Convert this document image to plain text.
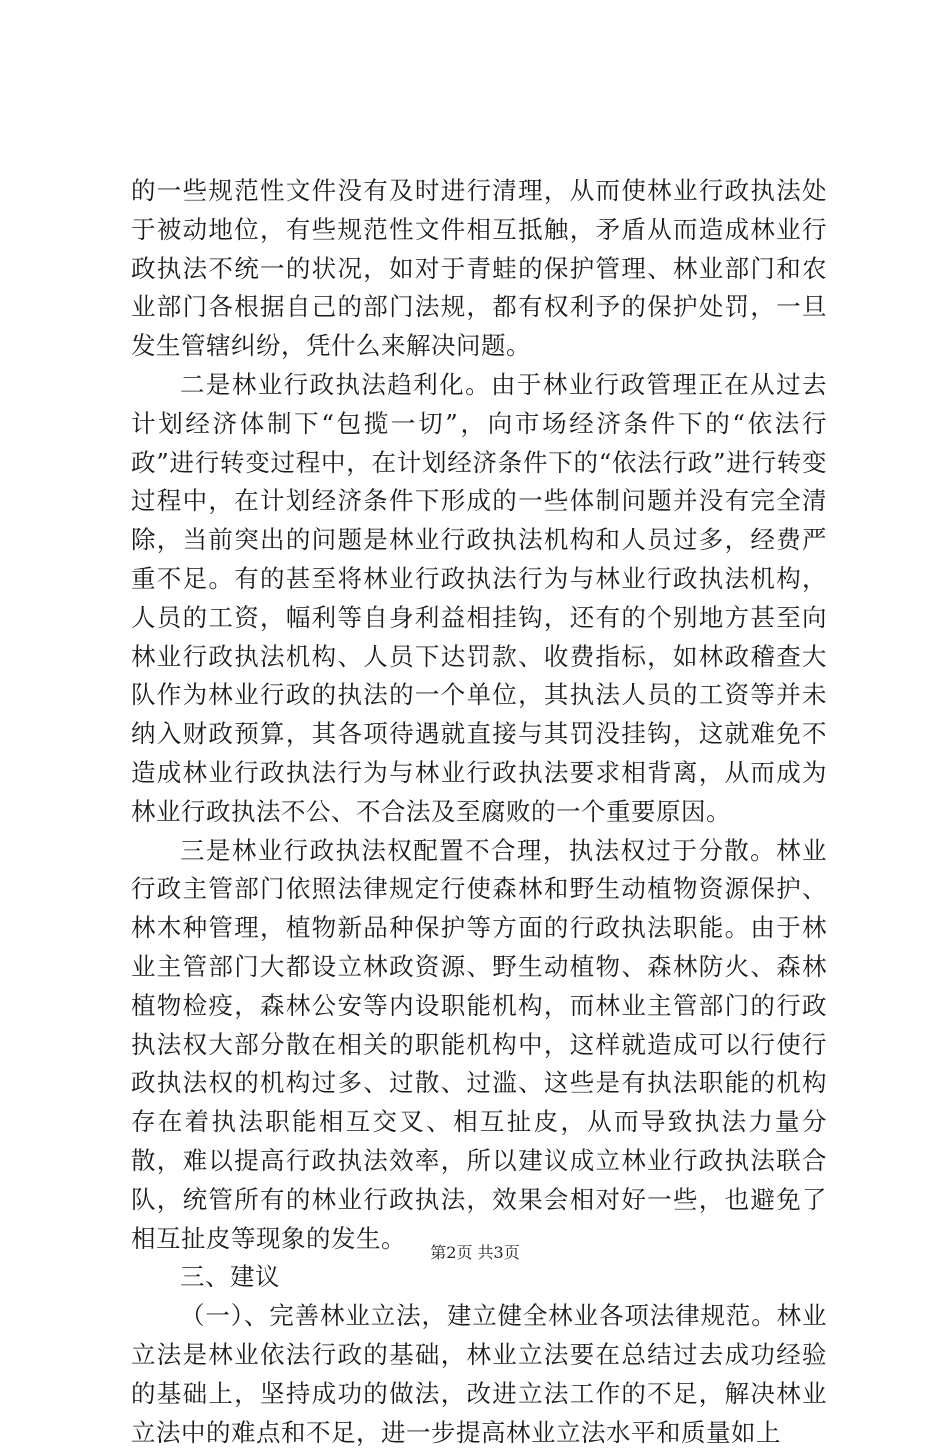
的一些规范性文件没有及时进行清理，从而使林业行政执法处于被动地位，有些规范性文件相互抵触，矛盾从而造成林业行政执法不统一的状况，如对于青蛙的保护管理、林业部门和农业部门各根据自己的部门法规，都有权利予的保护处罚，一旦发生管辖纠纷，凭什么来解决问题。

二是林业行政执法趋利化。由于林业行政管理正在从过去计划经济体制下“包揽一切”，向市场经济条件下的“依法行政”进行转变过程中，在计划经济条件下的“依法行政”进行转变过程中，在计划经济条件下形成的一些体制问题并没有完全清除，当前突出的问题是林业行政执法机构和人员过多，经费严重不足。有的甚至将林业行政执法行为与林业行政执法机构，人员的工资，幅利等自身利益相挂钩，还有的个别地方甚至向林业行政执法机构、人员下达罚款、收费指标，如林政稽查大队作为林业行政的执法的一个单位，其执法人员的工资等并未纳入财政预算，其各项待遇就直接与其罚没挂钩，这就难免不造成林业行政执法行为与林业行政执法要求相背离，从而成为林业行政执法不公、不合法及至腐败的一个重要原因。

三是林业行政执法权配置不合理，执法权过于分散。林业行政主管部门依照法律规定行使森林和野生动植物资源保护、林木种管理，植物新品种保护等方面的行政执法职能。由于林业主管部门大都设立林政资源、野生动植物、森林防火、森林植物检疫，森林公安等内设职能机构，而林业主管部门的行政执法权大部分散在相关的职能机构中，这样就造成可以行使行政执法权的机构过多、过散、过滥、这些是有执法职能的机构存在着执法职能相互交叉、相互扯皮，从而导致执法力量分散，难以提高行政执法效率，所以建议成立林业行政执法联合队，统管所有的林业行政执法，效果会相对好一些，也避免了相互扯皮等现象的发生。

三、建议

（一）、完善林业立法，建立健全林业各项法律规范。林业立法是林业依法行政的基础，林业立法要在总结过去成功经验的基础上，坚持成功的做法，改进立法工作的不足，解决林业立法中的难点和不足，进一步提高林业立法水平和质量如上

第2页 共3页
